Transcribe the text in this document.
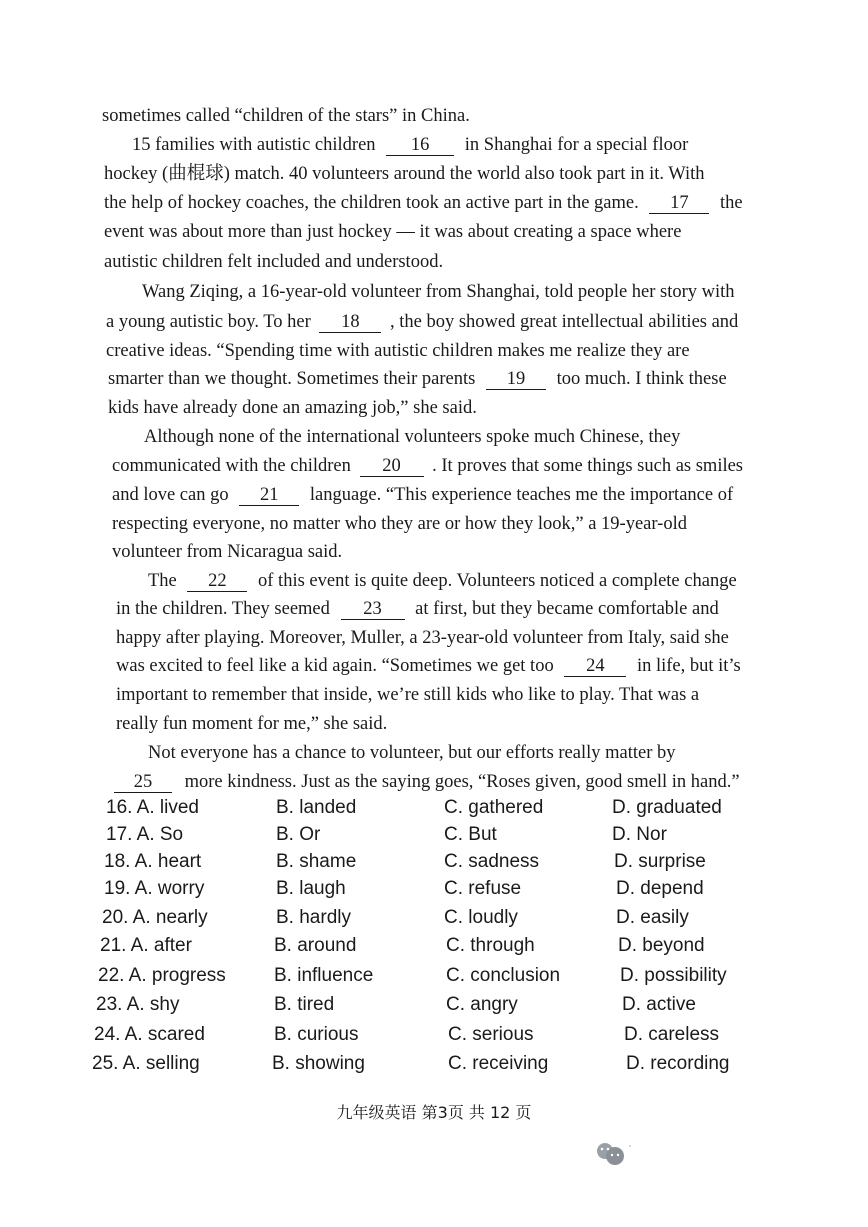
sometimes called “children of the stars” in China.
15 families with autistic children 16 in Shanghai for a special floor
hockey (曲棍球) match. 40 volunteers around the world also took part in it. With
the help of hockey coaches, the children took an active part in the game. 17 the
event was about more than just hockey — it was about creating a space where
autistic children felt included and understood.
Wang Ziqing, a 16-year-old volunteer from Shanghai, told people her story with
a young autistic boy. To her 18 , the boy showed great intellectual abilities and
creative ideas. “Spending time with autistic children makes me realize they are
smarter than we thought. Sometimes their parents 19 too much. I think these
kids have already done an amazing job,” she said.
Although none of the international volunteers spoke much Chinese, they
communicated with the children 20 . It proves that some things such as smiles
and love can go 21 language. “This experience teaches me the importance of
respecting everyone, no matter who they are or how they look,” a 19-year-old
volunteer from Nicaragua said.
The 22 of this event is quite deep. Volunteers noticed a complete change
in the children. They seemed 23 at first, but they became comfortable and
happy after playing. Moreover, Muller, a 23-year-old volunteer from Italy, said she
was excited to feel like a kid again. “Sometimes we get too 24 in life, but it’s
important to remember that inside, we’re still kids who like to play. That was a
really fun moment for me,” she said.
Not everyone has a chance to volunteer, but our efforts really matter by
25 more kindness. Just as the saying goes, “Roses given, good smell in hand.”
16. A. lived	B. landed	C. gathered	D. graduated
17. A. So	B. Or	C. But	D. Nor
18. A. heart	B. shame	C. sadness	D. surprise
19. A. worry	B. laugh	C. refuse	D. depend
20. A. nearly	B. hardly	C. loudly	D. easily
21. A. after	B. around	C. through	D. beyond
22. A. progress	B. influence	C. conclusion	D. possibility
23. A. shy	B. tired	C. angry	D. active
24. A. scared	B. curious	C. serious	D. careless
25. A. selling	B. showing	C. receiving	D. recording
九年级英语 第3页 共 12 页
